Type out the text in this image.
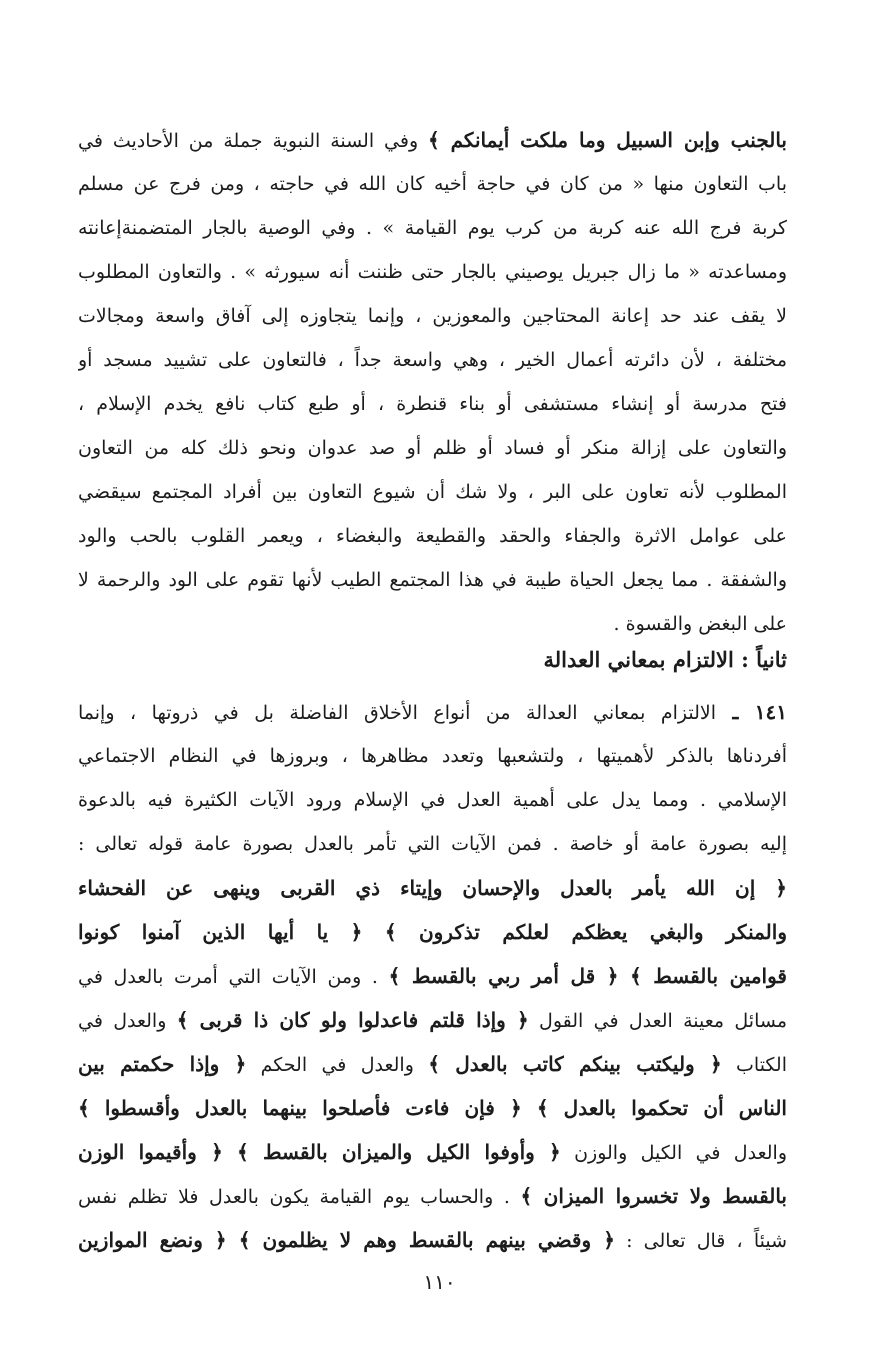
بالجنب وإبن السبيل وما ملكت أيمانكم ﴾ وفي السنة النبوية جملة من الأحاديث في
باب التعاون منها « من كان في حاجة أخيه كان الله في حاجته ، ومن فرج عن مسلم
كربة فرج الله عنه كربة من كرب يوم القيامة » . وفي الوصية بالجار المتضمنةإعانته
ومساعدته « ما زال جبريل يوصيني بالجار حتى ظننت أنه سيورثه » . والتعاون المطلوب
لا يقف عند حد إعانة المحتاجين والمعوزين ، وإنما يتجاوزه إلى آفاق واسعة ومجالات
مختلفة ، لأن دائرته أعمال الخير ، وهي واسعة جداً ، فالتعاون على تشييد مسجد أو
فتح مدرسة أو إنشاء مستشفى أو بناء قنطرة ، أو طبع كتاب نافع يخدم الإسلام ،
والتعاون على إزالة منكر أو فساد أو ظلم أو صد عدوان ونحو ذلك كله من التعاون
المطلوب لأنه تعاون على البر ، ولا شك أن شيوع التعاون بين أفراد المجتمع سيقضي
على عوامل الاثرة والجفاء والحقد والقطيعة والبغضاء ، ويعمر القلوب بالحب والود
والشفقة . مما يجعل الحياة طيبة في هذا المجتمع الطيب لأنها تقوم على الود والرحمة لا
على البغض والقسوة .
ثانياً : الالتزام بمعاني العدالة
١٤١ ـ الالتزام بمعاني العدالة من أنواع الأخلاق الفاضلة بل في ذروتها ، وإنما
أفردناها بالذكر لأهميتها ، ولتشعبها وتعدد مظاهرها ، وبروزها في النظام الاجتماعي
الإسلامي . ومما يدل على أهمية العدل في الإسلام ورود الآيات الكثيرة فيه بالدعوة
إليه بصورة عامة أو خاصة . فمن الآيات التي تأمر بالعدل بصورة عامة قوله تعالى :
﴿ إن الله يأمر بالعدل والإحسان وإيتاء ذي القربى وينهى عن الفحشاء
والمنكر والبغي يعظكم لعلكم تذكرون ﴾ ﴿ يا أيها الذين آمنوا كونوا
قوامين بالقسط ﴾ ﴿ قل أمر ربي بالقسط ﴾ . ومن الآيات التي أمرت بالعدل في
مسائل معينة العدل في القول ﴿ وإذا قلتم فاعدلوا ولو كان ذا قربى ﴾ والعدل في
الكتاب ﴿ وليكتب بينكم كاتب بالعدل ﴾ والعدل في الحكم ﴿ وإذا حكمتم بين
الناس أن تحكموا بالعدل ﴾ ﴿ فإن فاءت فأصلحوا بينهما بالعدل وأقسطوا ﴾
والعدل في الكيل والوزن ﴿ وأوفوا الكيل والميزان بالقسط ﴾ ﴿ وأقيموا الوزن
بالقسط ولا تخسروا الميزان ﴾ . والحساب يوم القيامة يكون بالعدل فلا تظلم نفس
شيئاً ، قال تعالى : ﴿ وقضي بينهم بالقسط وهم لا يظلمون ﴾ ﴿ ونضع الموازين
١١٠
